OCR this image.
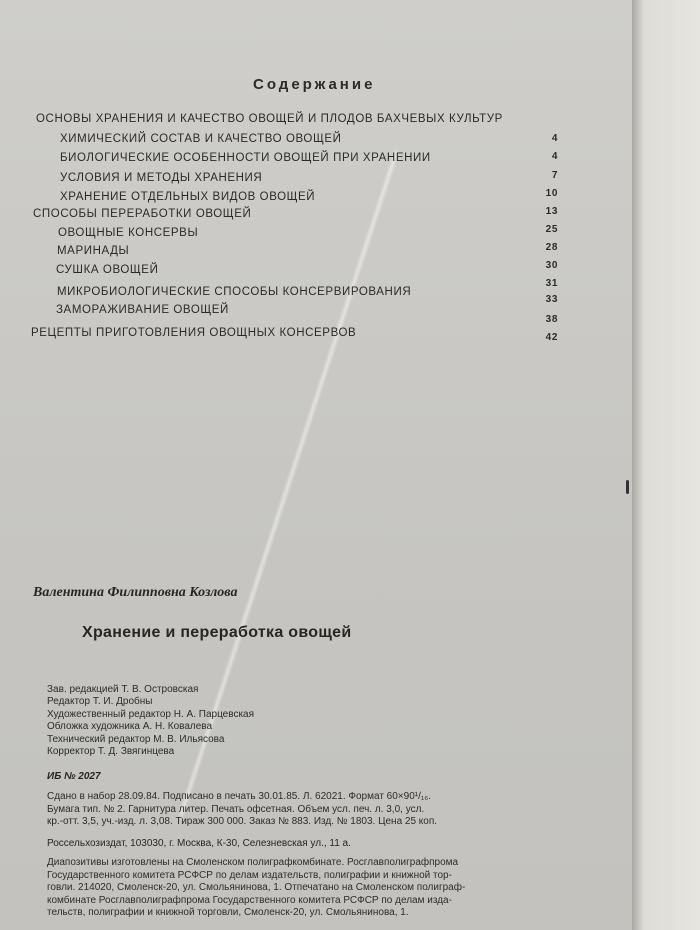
Содержание
ОСНОВЫ ХРАНЕНИЯ И КАЧЕСТВО ОВОЩЕЙ И ПЛОДОВ БАХЧЕВЫХ КУЛЬТУР
4
ХИМИЧЕСКИЙ СОСТАВ И КАЧЕСТВО ОВОЩЕЙ
4
БИОЛОГИЧЕСКИЕ ОСОБЕННОСТИ ОВОЩЕЙ ПРИ ХРАНЕНИИ
7
УСЛОВИЯ И МЕТОДЫ ХРАНЕНИЯ
10
ХРАНЕНИЕ ОТДЕЛЬНЫХ ВИДОВ ОВОЩЕЙ
13
СПОСОБЫ ПЕРЕРАБОТКИ ОВОЩЕЙ
25
ОВОЩНЫЕ КОНСЕРВЫ
28
МАРИНАДЫ
30
СУШКА ОВОЩЕЙ
31
МИКРОБИОЛОГИЧЕСКИЕ СПОСОБЫ КОНСЕРВИРОВАНИЯ
33
ЗАМОРАЖИВАНИЕ ОВОЩЕЙ
38
РЕЦЕПТЫ ПРИГОТОВЛЕНИЯ ОВОЩНЫХ КОНСЕРВОВ	42
Валентина Филипповна Козлова
Хранение и переработка овощей
Зав. редакцией Т. В. Островская
Редактор Т. И. Дробны
Художественный редактор Н. А. Парцевская
Обложка художника А. Н. Ковалева
Технический редактор М. В. Ильясова
Корректор Т. Д. Звягинцева
ИБ № 2027
Сдано в набор 28.09.84. Подписано в печать 30.01.85. Л. 62021. Формат 60×90¹/₁₆.
Бумага тип. № 2. Гарнитура литер. Печать офсетная. Объем усл. печ. л. 3,0, усл.
кр.-отт. 3,5, уч.-изд. л. 3,08. Тираж 300 000. Заказ № 883. Изд. № 1803. Цена 25 коп.
Россельхозиздат, 103030, г. Москва, К-30, Селезневская ул., 11 а.
Диапозитивы изготовлены на Смоленском полиграфкомбинате. Росглавполиграфпрома
Государственного комитета РСФСР по делам издательств, полиграфии и книжной тор-
говли. 214020, Смоленск-20, ул. Смольянинова, 1. Отпечатано на Смоленском полиграф-
комбинате Росглавполиграфпрома Государственного комитета РСФСР по делам изда-
тельств, полиграфии и книжной торговли, Смоленск-20, ул. Смольянинова, 1.
